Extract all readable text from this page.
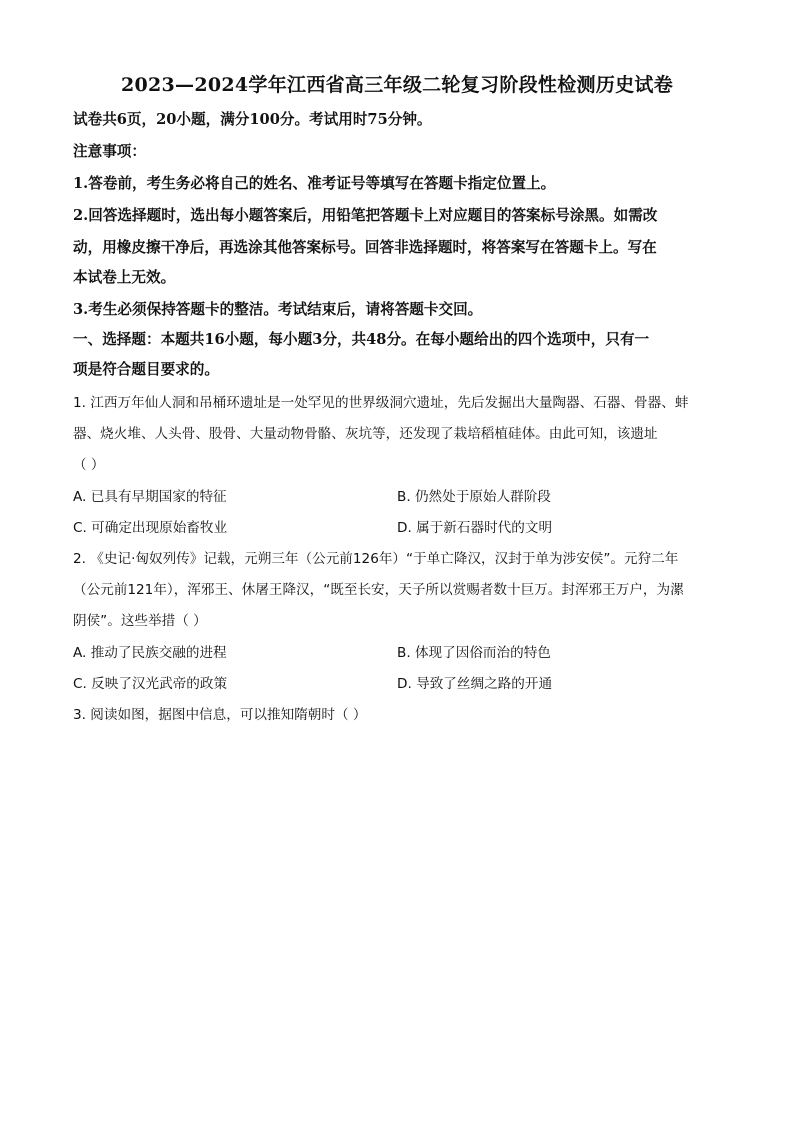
2023—2024学年江西省高三年级二轮复习阶段性检测历史试卷
试卷共6页，20小题，满分100分。考试用时75分钟。
注意事项：
1.答卷前，考生务必将自己的姓名、准考证号等填写在答题卡指定位置上。
2.回答选择题时，选出每小题答案后，用铅笔把答题卡上对应题目的答案标号涂黑。如需改
动，用橡皮擦干净后，再选涂其他答案标号。回答非选择题时，将答案写在答题卡上。写在
本试卷上无效。
3.考生必须保持答题卡的整洁。考试结束后，请将答题卡交回。
一、选择题：本题共16小题，每小题3分，共48分。在每小题给出的四个选项中，只有一
项是符合题目要求的。
1. 江西万年仙人洞和吊桶环遗址是一处罕见的世界级洞穴遗址，先后发掘出大量陶器、石器、骨器、蚌
器、烧火堆、人头骨、股骨、大量动物骨骼、灰坑等，还发现了栽培稻植硅体。由此可知，该遗址
（ ）
A. 已具有早期国家的特征	B. 仍然处于原始人群阶段
C. 可确定出现原始畜牧业	D. 属于新石器时代的文明
2. 《史记·匈奴列传》记载，元朔三年（公元前126年）“于单亡降汉，汉封于单为涉安侯”。元狩二年
（公元前121年），浑邪王、休屠王降汉，“既至长安，天子所以赏赐者数十巨万。封浑邪王万户，为漯
阴侯”。这些举措（ ）
A. 推动了民族交融的进程	B. 体现了因俗而治的特色
C. 反映了汉光武帝的政策	D. 导致了丝绸之路的开通
3. 阅读如图，据图中信息，可以推知隋朝时（ ）
